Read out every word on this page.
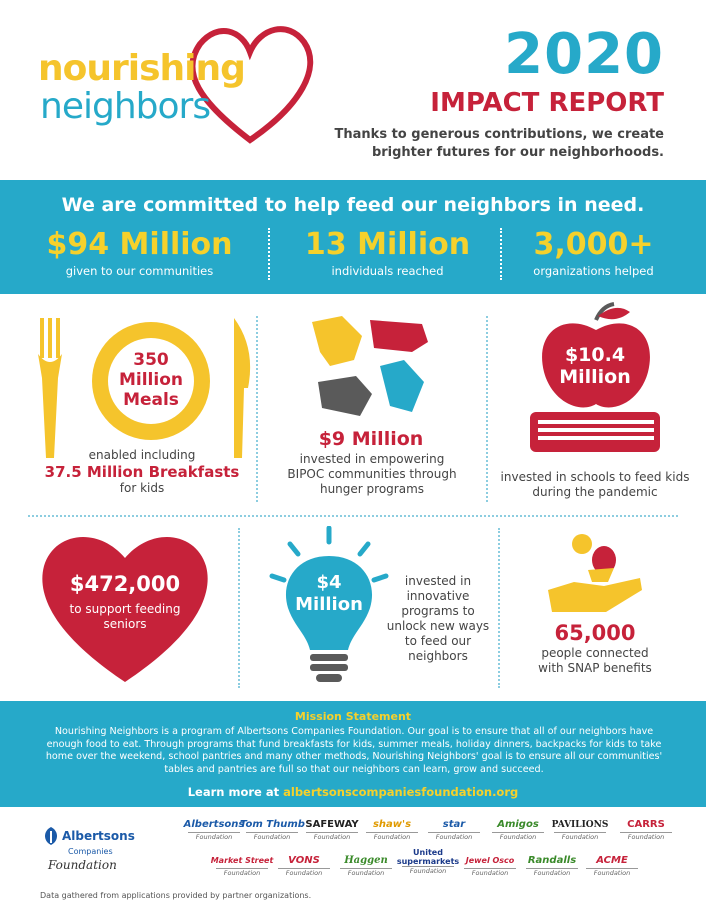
nourishing
neighbors
2020
IMPACT REPORT
Thanks to generous contributions, we create brighter futures for our neighborhoods.
We are committed to help feed our neighbors in need.
$94 Million
given to our communities
13 Million
individuals reached
3,000+
organizations helped
350
Million
Meals
enabled including
37.5 Million Breakfasts
for kids
$9 Million
invested in empowering BIPOC communities through hunger programs
$10.4
Million
invested in schools to feed kids during the pandemic
$472,000
to support feeding seniors
$4
Million
invested in innovative programs to unlock new ways to feed our neighbors
65,000
people connected with SNAP benefits
Mission Statement
Nourishing Neighbors is a program of Albertsons Companies Foundation. Our goal is to ensure that all of our neighbors have enough food to eat. Through programs that fund breakfasts for kids, summer meals, holiday dinners, backpacks for kids to take home over the weekend, school pantries and many other methods, Nourishing Neighbors' goal is to ensure all our communities' tables and pantries are full so that our neighbors can learn, grow and succeed.
Learn more at albertsonscompaniesfoundation.org
Albertsons
Companies
Foundation
Albertsons
Foundation
Tom Thumb
Foundation
SAFEWAY
Foundation
shaw's
Foundation
star
Foundation
Amigos
Foundation
PAVILIONS
Foundation
CARRS
Foundation
Market Street
Foundation
VONS
Foundation
Haggen
Foundation
United supermarkets
Foundation
Jewel Osco
Foundation
Randalls
Foundation
ACME
Foundation
Data gathered from applications provided by partner organizations.
